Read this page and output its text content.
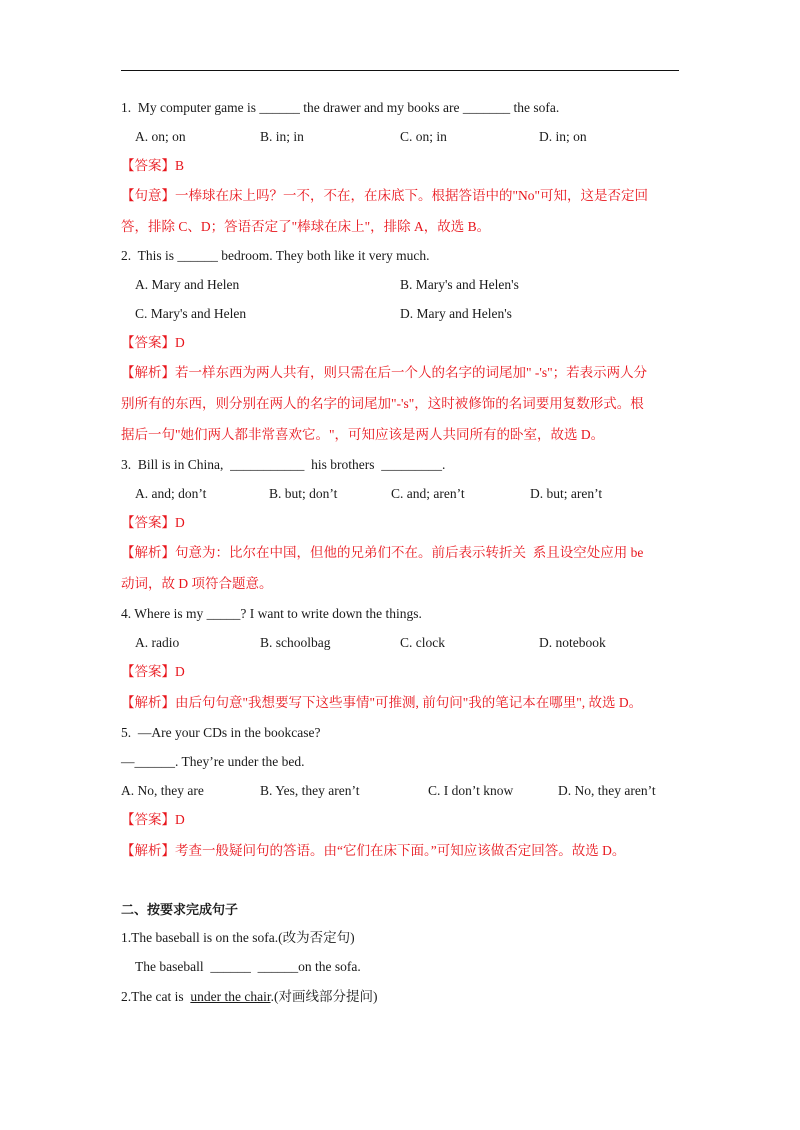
1.  My computer game is ______ the drawer and my books are _______ the sofa.
A. on; on	B. in; in	C. on; in	D. in; on
【答案】B
【句意】一棒球在床上吗？一不，不在，在床底下。根据答语中的"No"可知，这是否定回
答，排除 C、D；答语否定了"棒球在床上"，排除 A，故选 B。
2.  This is ______ bedroom. They both like it very much.
A. Mary and Helen	B. Mary's and Helen's
C. Mary's and Helen	D. Mary and Helen's
【答案】D
【解析】若一样东西为两人共有，则只需在后一个人的名字的词尾加" -'s"；若表示两人分
别所有的东西，则分别在两人的名字的词尾加"-'s"，这时被修饰的名词要用复数形式。根
据后一句"她们两人都非常喜欢它。"，可知应该是两人共同所有的卧室，故选 D。
3.  Bill is in China,  ___________  his brothers  _________.
A. and; don’t	B. but; don’t	C. and; aren’t	D. but; aren’t
【答案】D
【解析】句意为：比尔在中国，但他的兄弟们不在。前后表示转折关  系且设空处应用 be
动词，故 D 项符合题意。
4. Where is my _____? I want to write down the things.
A. radio	B. schoolbag	C. clock	D. notebook
【答案】D
【解析】由后句句意"我想要写下这些事情"可推测, 前句问"我的笔记本在哪里", 故选 D。
5.  —Are your CDs in the bookcase?
—______. They’re under the bed.
A. No, they are	B. Yes, they aren’t	C. I don’t know	D. No, they aren’t
【答案】D
【解析】考查一般疑问句的答语。由“它们在床下面。”可知应该做否定回答。故选 D。
二、按要求完成句子
1.The baseball is on the sofa.(改为否定句)
The baseball  ______  ______on the sofa.
2.The cat is  under the chair.(对画线部分提问)
